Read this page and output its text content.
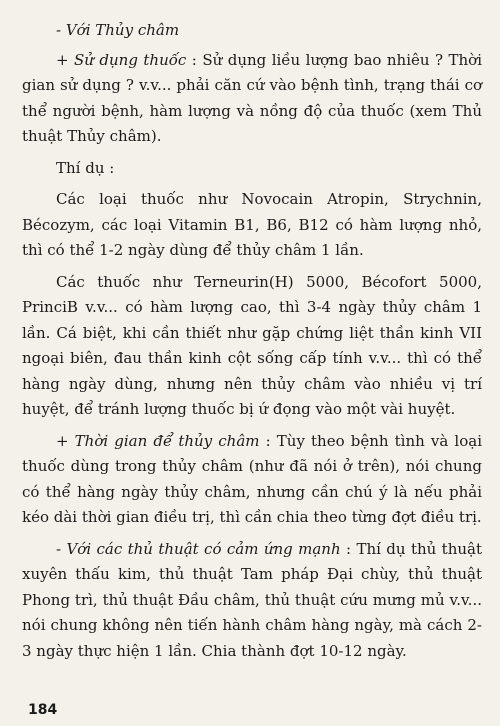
- Với Thủy châm

+ Sử dụng thuốc : Sử dụng liều lượng bao nhiêu ? Thời gian sử dụng ? v.v... phải căn cứ vào bệnh tình, trạng thái cơ thể người bệnh, hàm lượng và nồng độ của thuốc (xem Thủ thuật Thủy châm).

Thí dụ :

Các loại thuốc như Novocain Atropin, Strychnin, Bécozym, các loại Vitamin B1, B6, B12 có hàm lượng nhỏ, thì có thể 1-2 ngày dùng để thủy châm 1 lần.

Các thuốc như Terneurin(H) 5000, Bécofort 5000, PrinciB v.v... có hàm lượng cao, thì 3-4 ngày thủy châm 1 lần. Cá biệt, khi cần thiết như gặp chứng liệt thần kinh VII ngoại biên, đau thần kinh cột sống cấp tính v.v... thì có thể hàng ngày dùng, nhưng nên thủy châm vào nhiều vị trí huyệt, để tránh lượng thuốc bị ứ đọng vào một vài huyệt.

+ Thời gian để thủy châm : Tùy theo bệnh tình và loại thuốc dùng trong thủy châm (như đã nói ở trên), nói chung có thể hàng ngày thủy châm, nhưng cần chú ý là nếu phải kéo dài thời gian điều trị, thì cần chia theo từng đợt điều trị.

- Với các thủ thuật có cảm ứng mạnh : Thí dụ thủ thuật xuyên thấu kim, thủ thuật Tam pháp Đại chùy, thủ thuật Phong trì, thủ thuật Đầu châm, thủ thuật cứu mưng mủ v.v... nói chung không nên tiến hành châm hàng ngày, mà cách 2-3 ngày thực hiện 1 lần. Chia thành đợt 10-12 ngày.

184
